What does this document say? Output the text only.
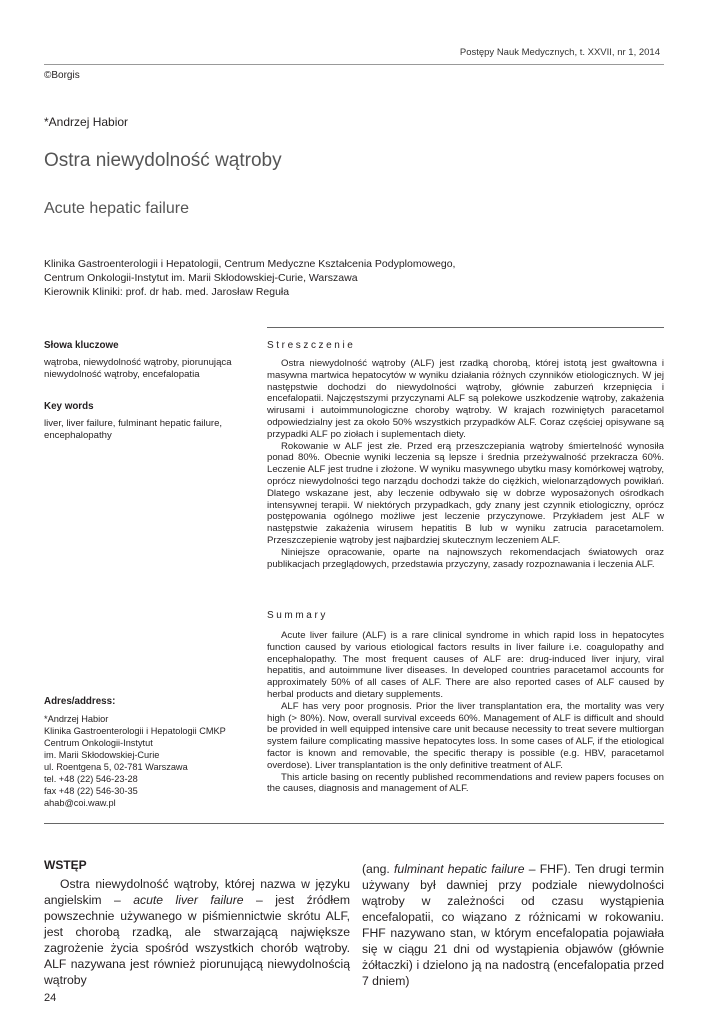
Postępy Nauk Medycznych, t. XXVII, nr 1, 2014
©Borgis
*Andrzej Habior
Ostra niewydolność wątroby
Acute hepatic failure
Klinika Gastroenterologii i Hepatologii, Centrum Medyczne Kształcenia Podyplomowego,
Centrum Onkologii-Instytut im. Marii Skłodowskiej-Curie, Warszawa
Kierownik Kliniki: prof. dr hab. med. Jarosław Reguła
Słowa kluczowe
wątroba, niewydolność wątroby, piorunująca niewydolność wątroby, encefalopatia
Key words
liver, liver failure, fulminant hepatic failure, encephalopathy
Streszczenie

Ostra niewydolność wątroby (ALF) jest rzadką chorobą, której istotą jest gwałtowna i masywna martwica hepatocytów w wyniku działania różnych czynników etiologicznych. W jej następstwie dochodzi do niewydolności wątroby, głównie zaburzeń krzepnięcia i encefalopatii. Najczęstszymi przyczynami ALF są polekowe uszkodzenie wątroby, zakażenia wirusami i autoimmunologiczne choroby wątroby. W krajach rozwiniętych paracetamol odpowiedzialny jest za około 50% wszystkich przypadków ALF. Coraz częściej opisywane są przypadki ALF po ziołach i suplementach diety.

Rokowanie w ALF jest złe. Przed erą przeszczepiania wątroby śmiertelność wynosiła ponad 80%. Obecnie wyniki leczenia są lepsze i średnia przeżywalność przekracza 60%. Leczenie ALF jest trudne i złożone. W wyniku masywnego ubytku masy komórkowej wątroby, oprócz niewydolności tego narządu dochodzi także do ciężkich, wielonarządowych powikłań. Dlatego wskazane jest, aby leczenie odbywało się w dobrze wyposażonych ośrodkach intensywnej terapii. W niektórych przypadkach, gdy znany jest czynnik etiologiczny, oprócz postępowania ogólnego możliwe jest leczenie przyczynowe. Przykładem jest ALF w następstwie zakażenia wirusem hepatitis B lub w wyniku zatrucia paracetamolem. Przeszczepienie wątroby jest najbardziej skutecznym leczeniem ALF.

Niniejsze opracowanie, oparte na najnowszych rekomendacjach światowych oraz publikacjach przeglądowych, przedstawia przyczyny, zasady rozpoznawania i leczenia ALF.

Summary

Acute liver failure (ALF) is a rare clinical syndrome in which rapid loss in hepatocytes function caused by various etiological factors results in liver failure i.e. coagulopathy and encephalopathy. The most frequent causes of ALF are: drug-induced liver injury, viral hepatitis, and autoimmune liver diseases. In developed countries paracetamol accounts for approximately 50% of all cases of ALF. There are also reported cases of ALF caused by herbal products and dietary supplements.

ALF has very poor prognosis. Prior the liver transplantation era, the mortality was very high (> 80%). Now, overall survival exceeds 60%. Management of ALF is difficult and should be provided in well equipped intensive care unit because necessity to treat severe multiorgan system failure complicating massive hepatocytes loss. In some cases of ALF, if the etiological factor is known and removable, the specific therapy is possible (e.g. HBV, paracetamol overdose). Liver transplantation is the only definitive treatment of ALF.

This article basing on recently published recommendations and review papers focuses on the causes, diagnosis and management of ALF.

Adres/address:
*Andrzej Habior
Klinika Gastroenterologii i Hepatologii CMKP
Centrum Onkologii-Instytut
im. Marii Skłodowskiej-Curie
ul. Roentgena 5, 02-781 Warszawa
tel. +48 (22) 546-23-28
fax +48 (22) 546-30-35
ahab@coi.waw.pl
WSTĘP

Ostra niewydolność wątroby, której nazwa w języku angielskim – acute liver failure – jest źródłem powszechnie używanego w piśmiennictwie skrótu ALF, jest chorobą rzadką, ale stwarzającą największe zagrożenie życia spośród wszystkich chorób wątroby. ALF nazywana jest również piorunującą niewydolnością wątroby

(ang. fulminant hepatic failure – FHF). Ten drugi termin używany był dawniej przy podziale niewydolności wątroby w zależności od czasu wystąpienia encefalopatii, co wiązano z różnicami w rokowaniu. FHF nazywano stan, w którym encefalopatia pojawiała się w ciągu 21 dni od wystąpienia objawów (głównie żółtaczki) i dzielono ją na nadostrą (encefalopatia przed 7 dniem)

24
